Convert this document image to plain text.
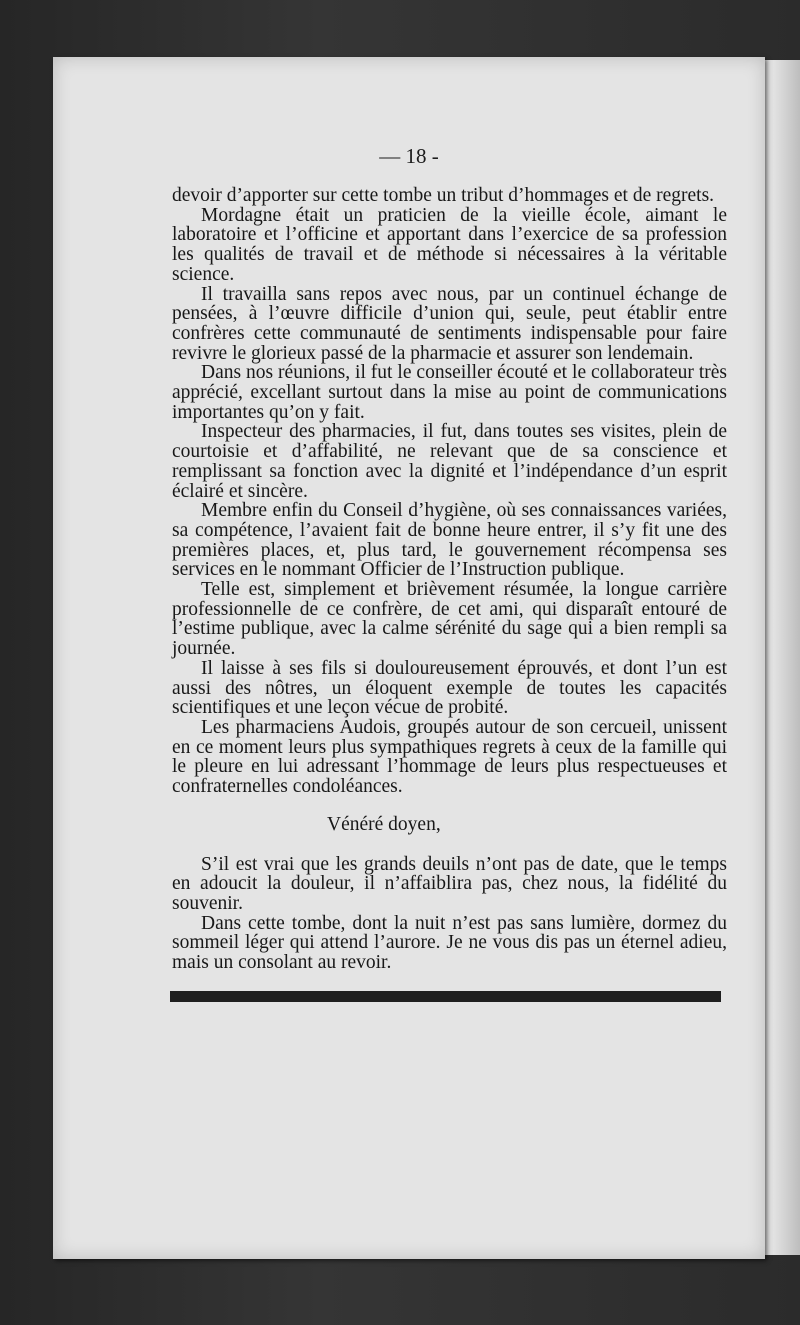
— 18 -

devoir d’apporter sur cette tombe un tribut d’hommages et de regrets.

Mordagne était un praticien de la vieille école, aimant le laboratoire et l’officine et apportant dans l’exercice de sa profession les qualités de travail et de méthode si nécessaires à la véritable science.

Il travailla sans repos avec nous, par un continuel échange de pensées, à l’œuvre difficile d’union qui, seule, peut établir entre confrères cette communauté de sentiments indispensable pour faire revivre le glorieux passé de la pharmacie et assurer son lendemain.

Dans nos réunions, il fut le conseiller écouté et le collaborateur très apprécié, excellant surtout dans la mise au point de communications importantes qu’on y fait.

Inspecteur des pharmacies, il fut, dans toutes ses visites, plein de courtoisie et d’affabilité, ne relevant que de sa conscience et remplissant sa fonction avec la dignité et l’indépendance d’un esprit éclairé et sincère.

Membre enfin du Conseil d’hygiène, où ses connaissances variées, sa compétence, l’avaient fait de bonne heure entrer, il s’y fit une des premières places, et, plus tard, le gouvernement récompensa ses services en le nommant Officier de l’Instruction publique.

Telle est, simplement et brièvement résumée, la longue carrière professionnelle de ce confrère, de cet ami, qui disparaît entouré de l’estime publique, avec la calme sérénité du sage qui a bien rempli sa journée.

Il laisse à ses fils si douloureusement éprouvés, et dont l’un est aussi des nôtres, un éloquent exemple de toutes les capacités scientifiques et une leçon vécue de probité.

Les pharmaciens Audois, groupés autour de son cercueil, unissent en ce moment leurs plus sympathiques regrets à ceux de la famille qui le pleure en lui adressant l’hommage de leurs plus respectueuses et confraternelles condoléances.

Vénéré doyen,

S’il est vrai que les grands deuils n’ont pas de date, que le temps en adoucit la douleur, il n’affaiblira pas, chez nous, la fidélité du souvenir.

Dans cette tombe, dont la nuit n’est pas sans lumière, dormez du sommeil léger qui attend l’aurore. Je ne vous dis pas un éternel adieu, mais un consolant au revoir.
